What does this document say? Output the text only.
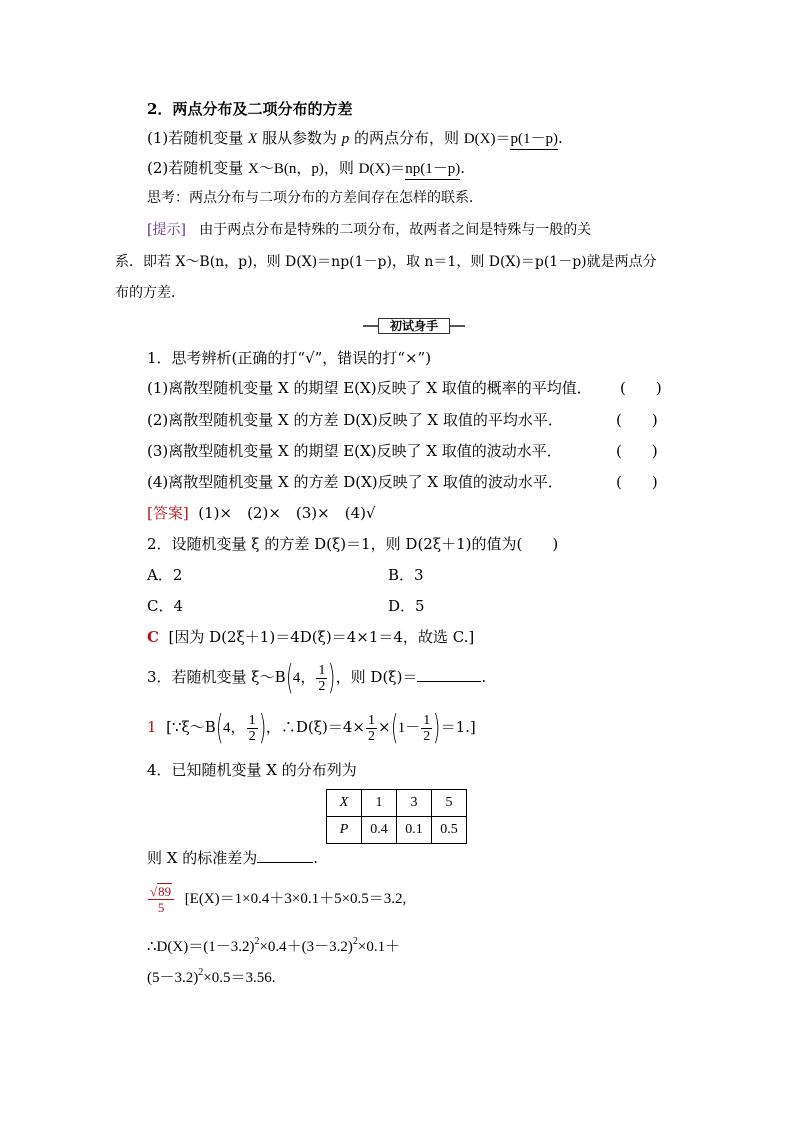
2．两点分布及二项分布的方差
(1)若随机变量 X 服从参数为 p 的两点分布，则 D(X)＝p(1－p).
(2)若随机变量 X～B(n，p)，则 D(X)＝np(1－p).
思考：两点分布与二项分布的方差间存在怎样的联系．
[提示] 由于两点分布是特殊的二项分布，故两者之间是特殊与一般的关
系．即若 X～B(n，p)，则 D(X)＝np(1－p)，取 n＝1，则 D(X)＝p(1－p)就是两点分
布的方差．
初试身手
1．思考辨析(正确的打“√”，错误的打“×”)
(1)离散型随机变量 X 的期望 E(X)反映了 X 取值的概率的平均值． (　　)
(2)离散型随机变量 X 的方差 D(X)反映了 X 取值的平均水平．	(　　)
(3)离散型随机变量 X 的期望 E(X)反映了 X 取值的波动水平．	(　　)
(4)离散型随机变量 X 的方差 D(X)反映了 X 取值的波动水平．	(　　)
[答案] (1)×　(2)×　(3)×　(4)√
2．设随机变量 ξ 的方差 D(ξ)＝1，则 D(2ξ＋1)的值为(　　)
A．2	B．3
C．4	D．5
C [因为 D(2ξ＋1)＝4D(ξ)＝4×1＝4，故选 C.]
3．若随机变量 ξ～B(4， $\frac{1}{2}$ )，则 D(ξ)＝	.
1 [∵ξ～B(4， $\frac{1}{2}$ )，∴D(ξ)＝4× $\frac{1}{2} \times(1- \frac{1}{2} )=1$.]
4．已知随机变量 X 的分布列为
X	1	3	5
P	0.4	0.1	0.5
则 X 的标准差为	.
$\frac{√89}{5} [E(X)=1\times 0.4+3\times 0.1+5\times 0.5=3.2$,
$\therefore D(X)=(1-3.2)^2\times 0.4+(3-3.2)^2\times 0.1+$
$(5-3.2)^2\times 0.5=3.56$.
